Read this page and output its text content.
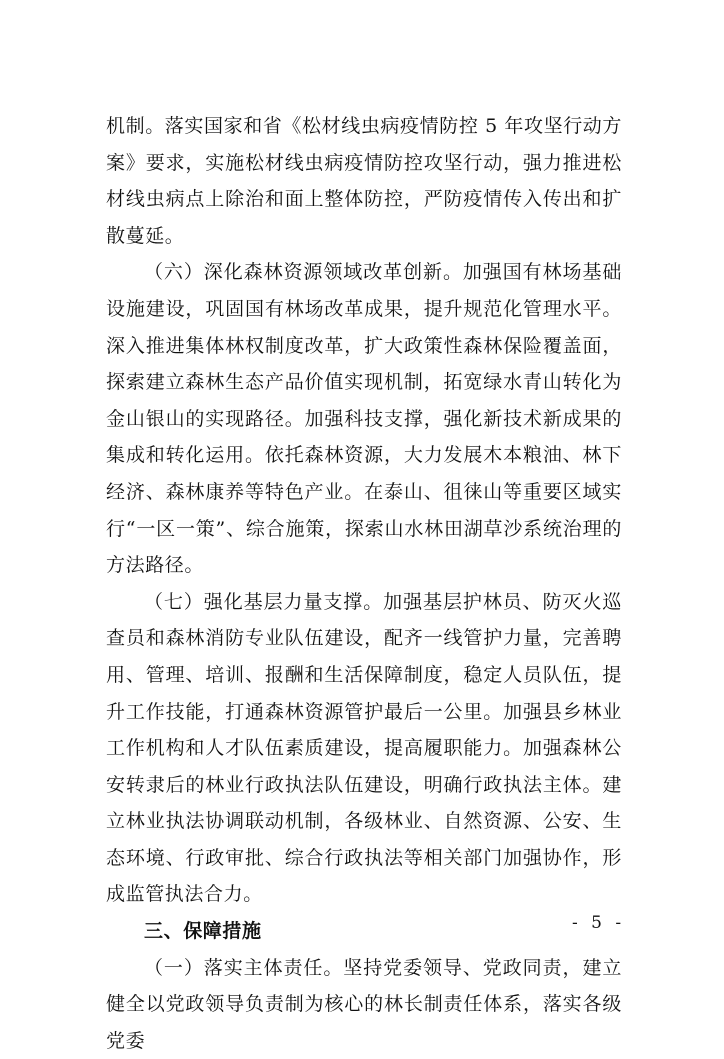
机制。落实国家和省《松材线虫病疫情防控 5 年攻坚行动方案》要求，实施松材线虫病疫情防控攻坚行动，强力推进松材线虫病点上除治和面上整体防控，严防疫情传入传出和扩散蔓延。

（六）深化森林资源领域改革创新。加强国有林场基础设施建设，巩固国有林场改革成果，提升规范化管理水平。深入推进集体林权制度改革，扩大政策性森林保险覆盖面，探索建立森林生态产品价值实现机制，拓宽绿水青山转化为金山银山的实现路径。加强科技支撑，强化新技术新成果的集成和转化运用。依托森林资源，大力发展木本粮油、林下经济、森林康养等特色产业。在泰山、徂徕山等重要区域实行“一区一策”、综合施策，探索山水林田湖草沙系统治理的方法路径。

（七）强化基层力量支撑。加强基层护林员、防灭火巡查员和森林消防专业队伍建设，配齐一线管护力量，完善聘用、管理、培训、报酬和生活保障制度，稳定人员队伍，提升工作技能，打通森林资源管护最后一公里。加强县乡林业工作机构和人才队伍素质建设，提高履职能力。加强森林公安转隶后的林业行政执法队伍建设，明确行政执法主体。建立林业执法协调联动机制，各级林业、自然资源、公安、生态环境、行政审批、综合行政执法等相关部门加强协作，形成监管执法合力。

三、保障措施

（一）落实主体责任。坚持党委领导、党政同责，建立健全以党政领导负责制为核心的林长制责任体系，落实各级党委

- 5 -
